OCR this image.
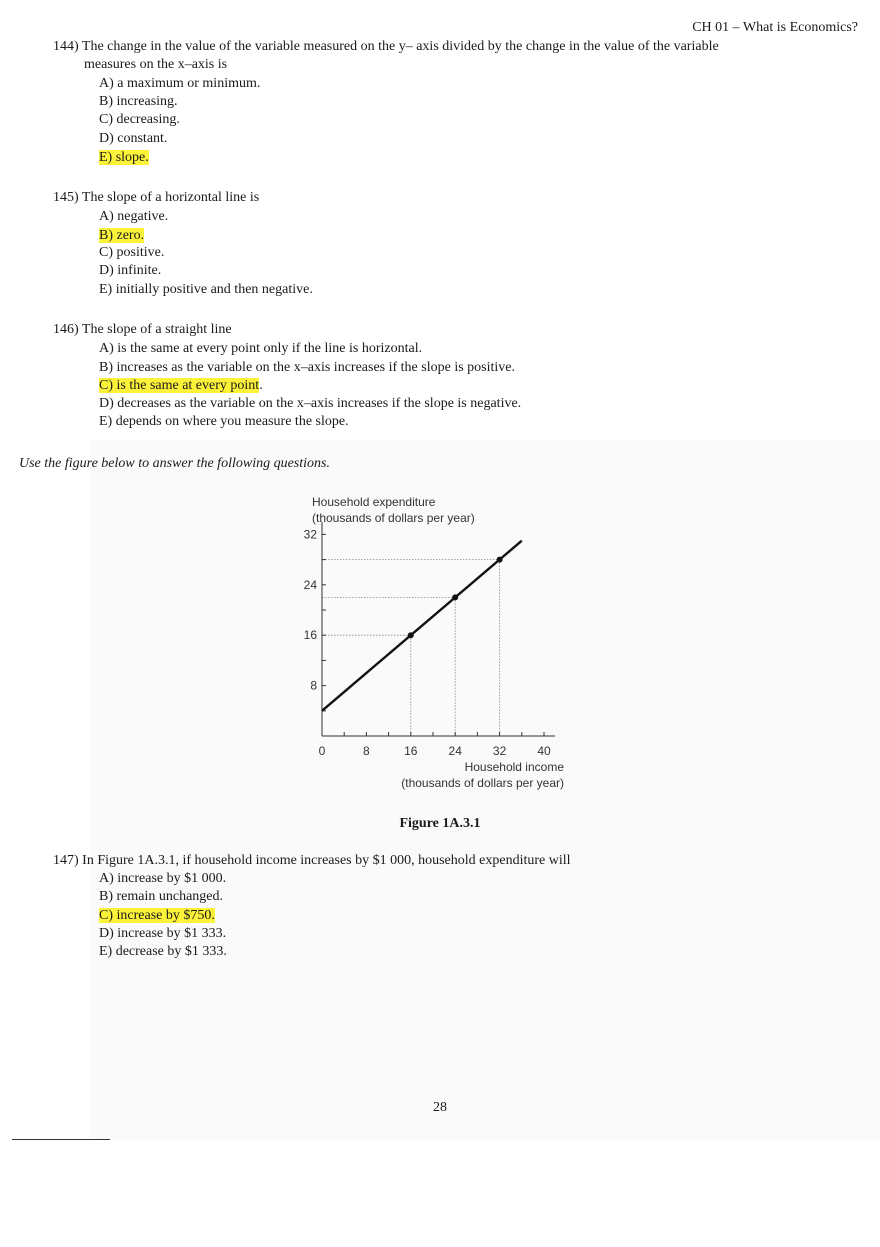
CH 01 – What is Economics?
144) The change in the value of the variable measured on the y– axis divided by the change in the value of the variable
measures on the x–axis is
A) a maximum or minimum.
B) increasing.
C) decreasing.
D) constant.
E) slope.
145) The slope of a horizontal line is
A) negative.
B) zero.
C) positive.
D) infinite.
E) initially positive and then negative.
146) The slope of a straight line
A) is the same at every point only if the line is horizontal.
B) increases as the variable on the x–axis increases if the slope is positive.
C) is the same at every point.
D) decreases as the variable on the x–axis increases if the slope is negative.
E) depends on where you measure the slope.
Use the figure below to answer the following questions.
Household expenditure
(thousands of dollars per year)
0	8	16	24	32	40
8
16
24
32
Household income
(thousands of dollars per year)
Figure 1A.3.1
147) In Figure 1A.3.1, if household income increases by $1 000, household expenditure will
A) increase by $1 000.
B) remain unchanged.
C) increase by $750.
D) increase by $1 333.
E) decrease by $1 333.
28
